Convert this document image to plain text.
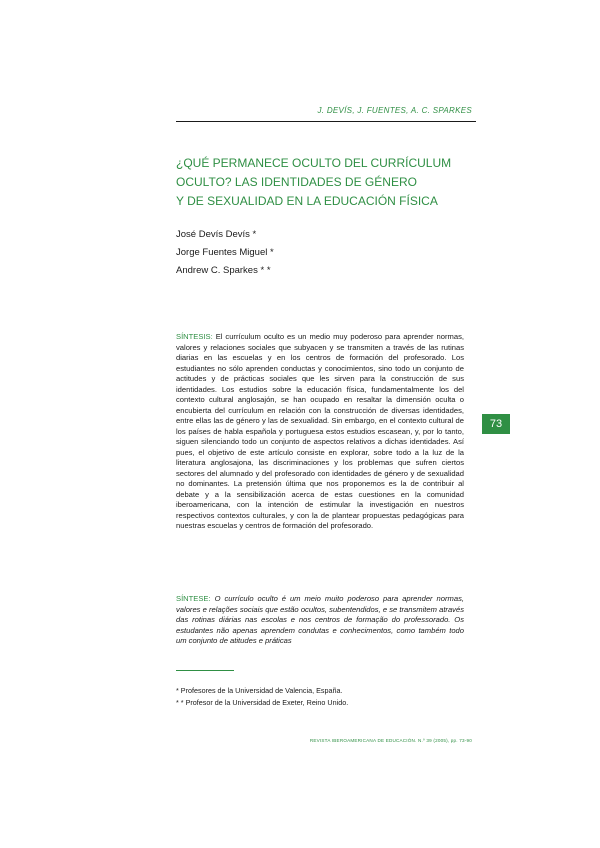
J. DEVÍS, J. FUENTES, A. C. SPARKES
¿QUÉ PERMANECE OCULTO DEL CURRÍCULUM
OCULTO? LAS IDENTIDADES DE GÉNERO
Y DE SEXUALIDAD EN LA EDUCACIÓN FÍSICA
José Devís Devís *
Jorge Fuentes Miguel *
Andrew C. Sparkes * *

SÍNTESIS: El currículum oculto es un medio muy poderoso para aprender normas, valores y relaciones sociales que subyacen y se transmiten a través de las rutinas diarias en las escuelas y en los centros de formación del profesorado. Los estudiantes no sólo aprenden conductas y conocimientos, sino todo un conjunto de actitudes y de prácticas sociales que les sirven para la construcción de sus identidades. Los estudios sobre la educación física, fundamentalmente los del contexto cultural anglosajón, se han ocupado en resaltar la dimensión oculta o encubierta del currículum en relación con la construcción de diversas identidades, entre ellas las de género y las de sexualidad. Sin embargo, en el contexto cultural de los países de habla española y portuguesa estos estudios escasean, y, por lo tanto, siguen silenciando todo un conjunto de aspectos relativos a dichas identidades. Así pues, el objetivo de este artículo consiste en explorar, sobre todo a la luz de la literatura anglosajona, las discriminaciones y los problemas que sufren ciertos sectores del alumnado y del profesorado con identidades de género y de sexualidad no dominantes. La pretensión última que nos proponemos es la de contribuir al debate y a la sensibilización acerca de estas cuestiones en la comunidad iberoamericana, con la intención de estimular la investigación en nuestros respectivos contextos culturales, y con la de plantear propuestas pedagógicas para nuestras escuelas y centros de formación del profesorado.

73

SÍNTESE: O currículo oculto é um meio muito poderoso para aprender normas, valores e relações sociais que estão ocultos, subentendidos, e se transmitem através das rotinas diárias nas escolas e nos centros de formação do professorado. Os estudantes não apenas aprendem condutas e conhecimentos, como também todo um conjunto de atitudes e práticas

* Profesores de la Universidad de Valencia, España.
* * Profesor de la Universidad de Exeter, Reino Unido.
REVISTA IBEROAMERICANA DE EDUCACIÓN. N.º 39 (2005), pp. 73-90
